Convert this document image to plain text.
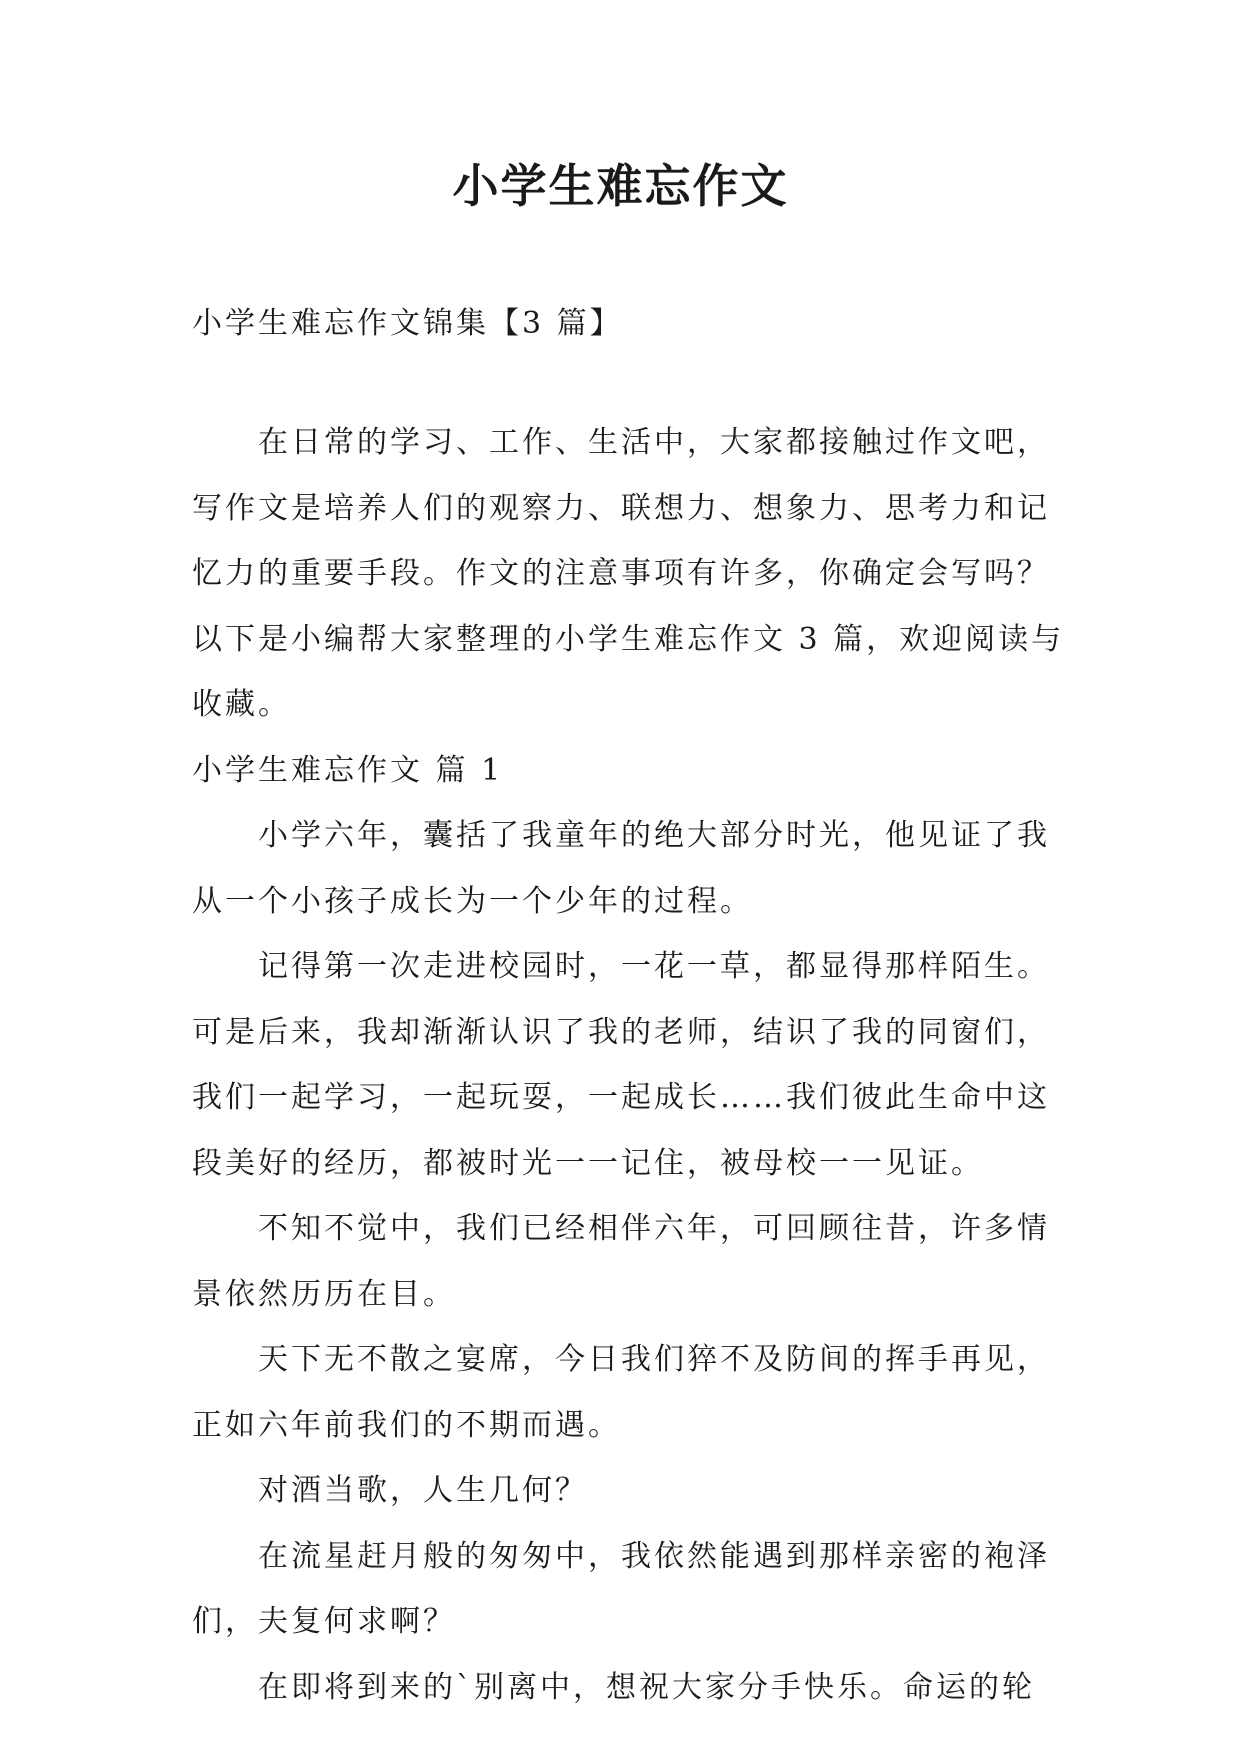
小学生难忘作文

小学生难忘作文锦集【3 篇】

在日常的学习、工作、生活中，大家都接触过作文吧，

写作文是培养人们的观察力、联想力、想象力、思考力和记

忆力的重要手段。作文的注意事项有许多，你确定会写吗？

以下是小编帮大家整理的小学生难忘作文 3 篇，欢迎阅读与

收藏。

小学生难忘作文 篇 1

小学六年，囊括了我童年的绝大部分时光，他见证了我

从一个小孩子成长为一个少年的过程。

记得第一次走进校园时，一花一草，都显得那样陌生。

可是后来，我却渐渐认识了我的老师，结识了我的同窗们，

我们一起学习，一起玩耍，一起成长……我们彼此生命中这

段美好的经历，都被时光一一记住，被母校一一见证。

不知不觉中，我们已经相伴六年，可回顾往昔，许多情

景依然历历在目。

天下无不散之宴席，今日我们猝不及防间的挥手再见，

正如六年前我们的不期而遇。

对酒当歌，人生几何？

在流星赶月般的匆匆中，我依然能遇到那样亲密的袍泽

们，夫复何求啊？

在即将到来的`别离中，想祝大家分手快乐。命运的轮
